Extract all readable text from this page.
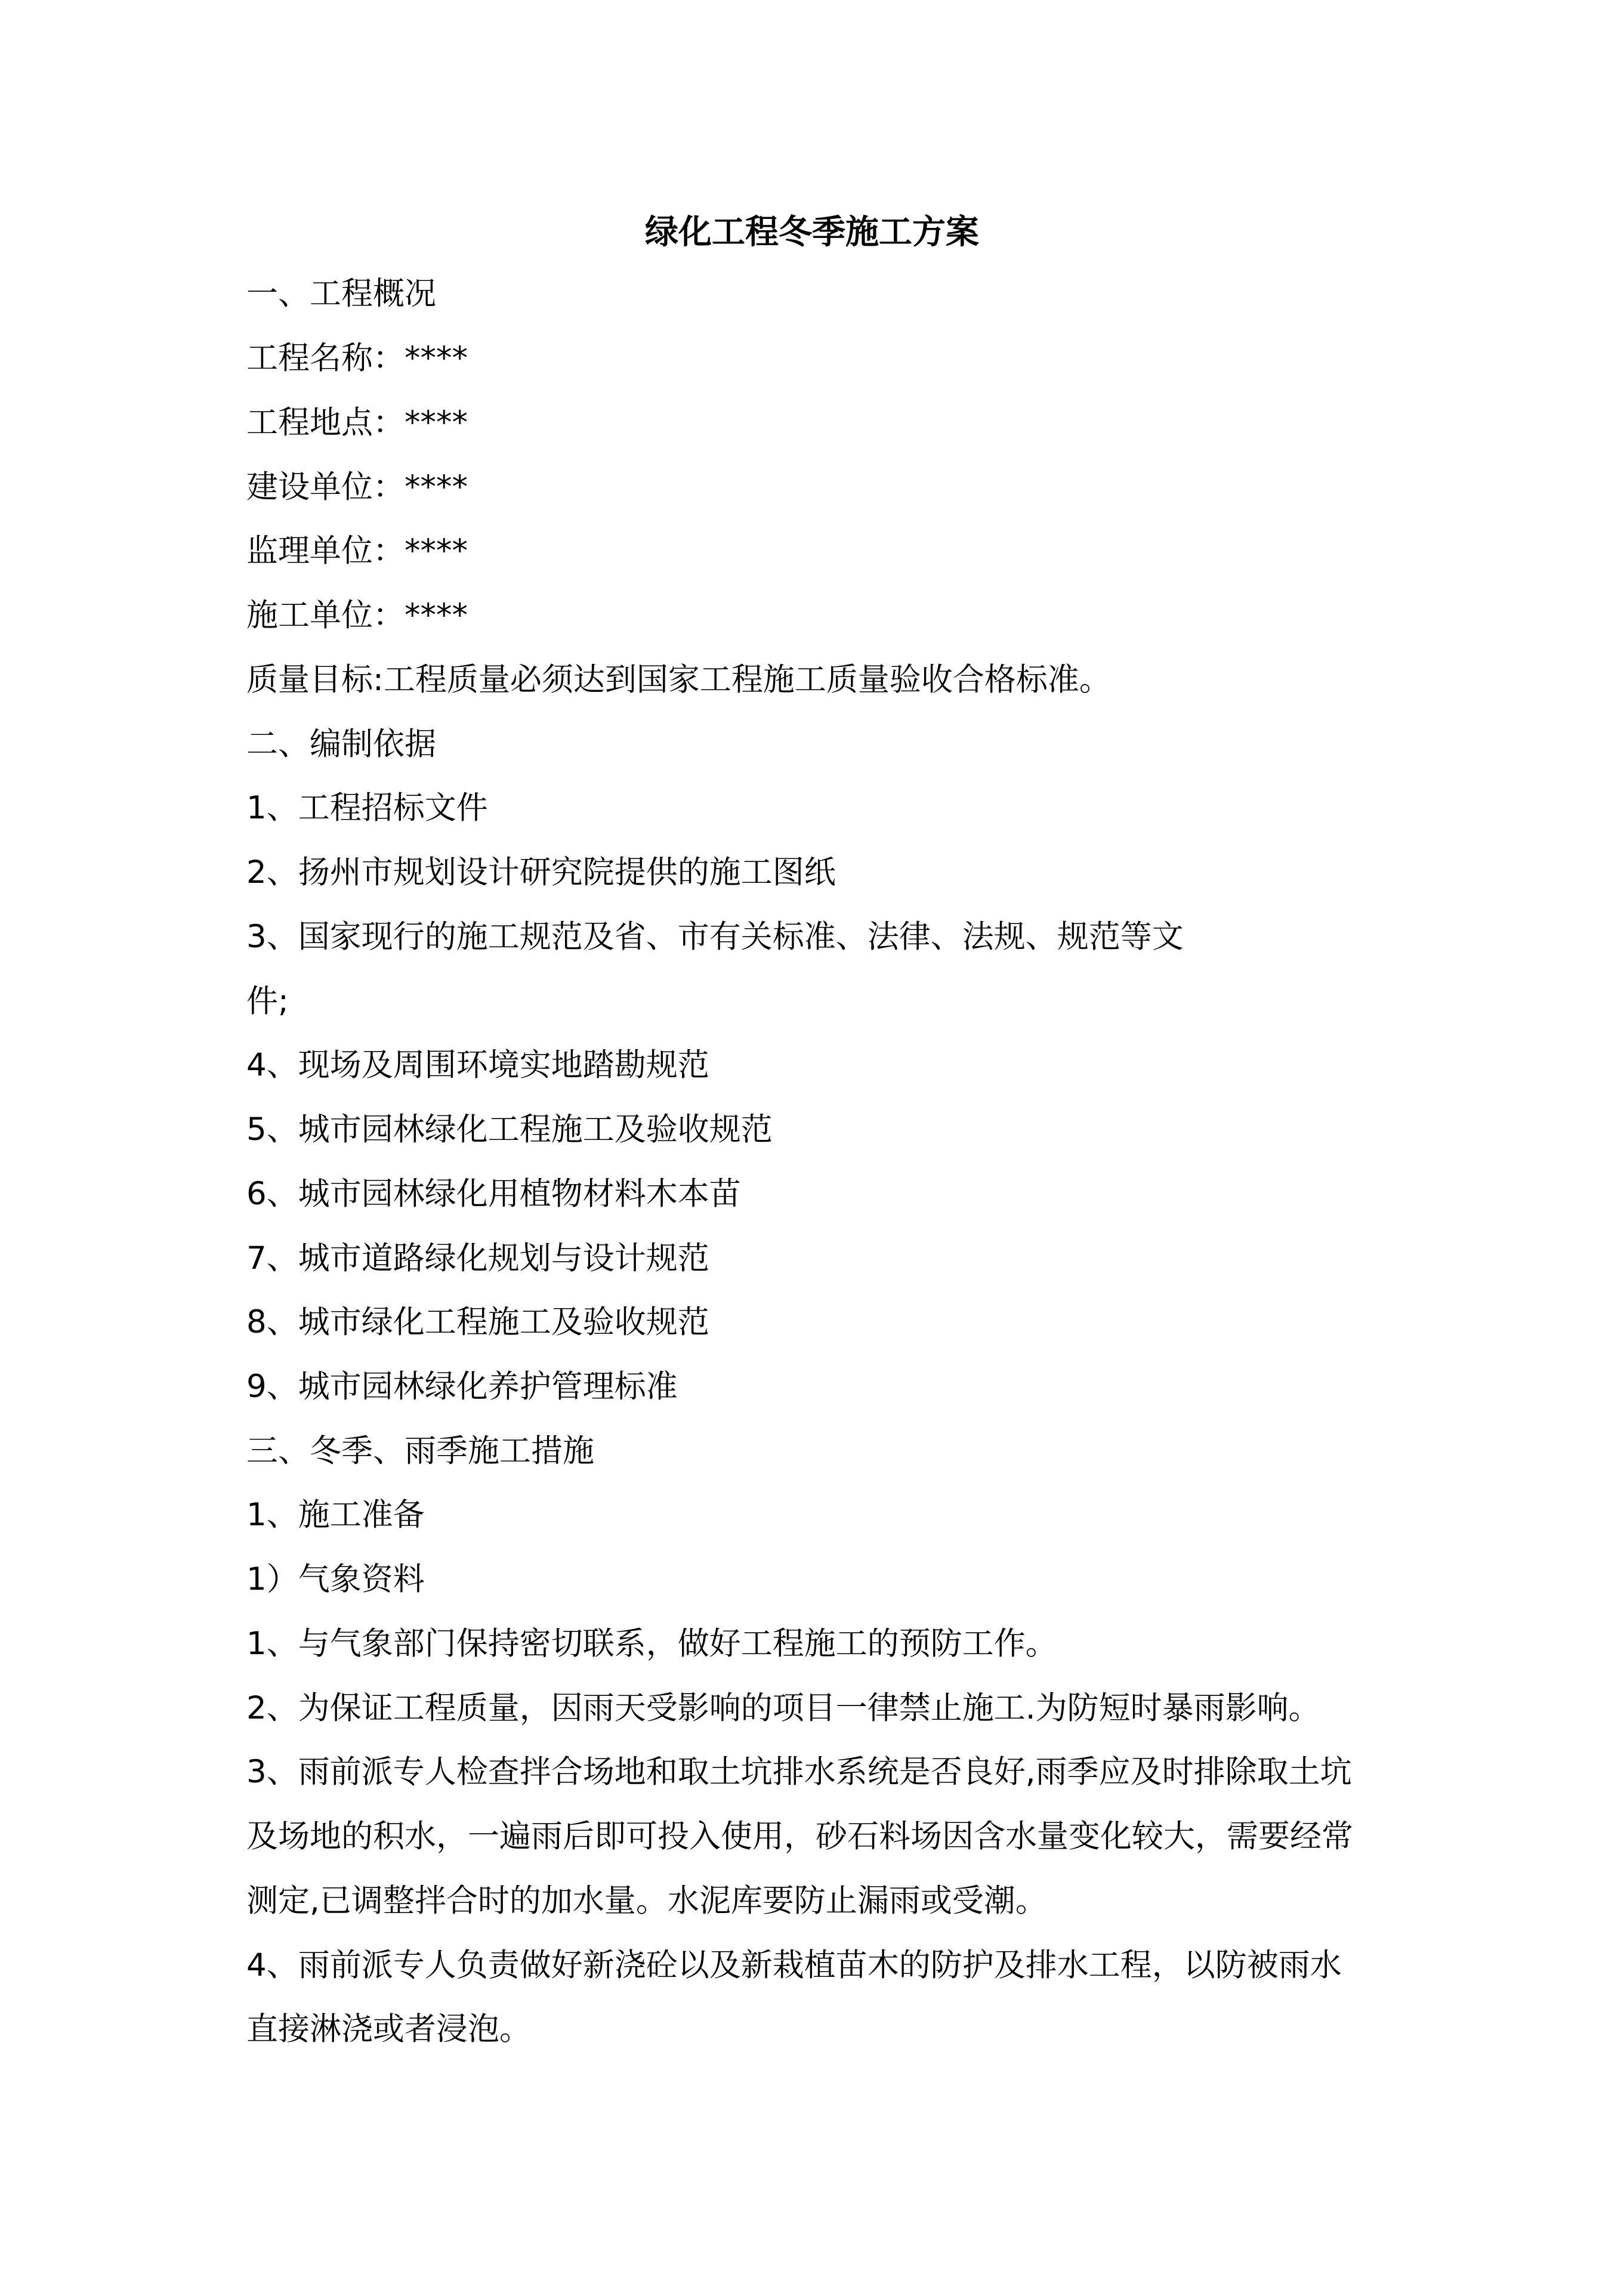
绿化工程冬季施工方案
一、工程概况
工程名称：****
工程地点：****
建设单位：****
监理单位：****
施工单位：****
质量目标:工程质量必须达到国家工程施工质量验收合格标准。
二、编制依据
1、工程招标文件
2、扬州市规划设计研究院提供的施工图纸
3、国家现行的施工规范及省、市有关标准、法律、法规、规范等文
件;
4、现场及周围环境实地踏勘规范
5、城市园林绿化工程施工及验收规范
6、城市园林绿化用植物材料木本苗
7、城市道路绿化规划与设计规范
8、城市绿化工程施工及验收规范
9、城市园林绿化养护管理标准
三、冬季、雨季施工措施
1、施工准备
1）气象资料
1、与气象部门保持密切联系，做好工程施工的预防工作。
2、为保证工程质量，因雨天受影响的项目一律禁止施工.为防短时暴雨影响。
3、雨前派专人检查拌合场地和取土坑排水系统是否良好,雨季应及时排除取土坑
及场地的积水，一遍雨后即可投入使用，砂石料场因含水量变化较大，需要经常
测定,已调整拌合时的加水量。水泥库要防止漏雨或受潮。
4、雨前派专人负责做好新浇砼以及新栽植苗木的防护及排水工程，以防被雨水
直接淋浇或者浸泡。
